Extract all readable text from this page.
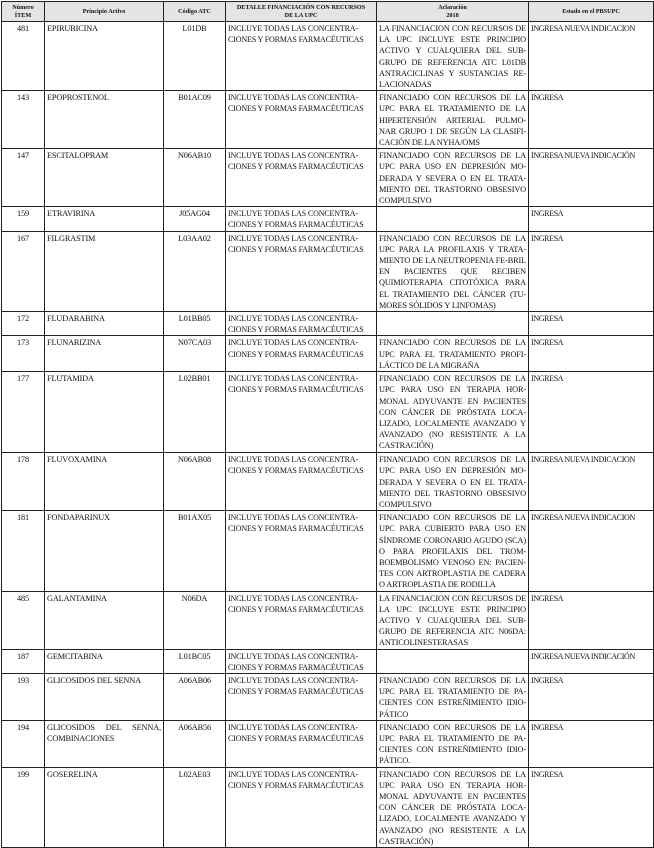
Número
ÍTEM	Principio Activo	Código ATC	DETALLE FINANCIACIÓN CON RECURSOS
DE LA UPC	Aclaración
2018	Estado en el PBSUPC
481	EPIRUBICINA	L01DB	INCLUYE TODAS LAS CONCENTRA-
CIONES Y FORMAS FARMACÉUTICAS	LA FINANCIACION CON RECURSOS DE LA UPC INCLUYE ESTE PRINCIPIO ACTIVO Y CUALQUIERA DEL SUB-GRUPO DE REFERENCIA ATC L01DB ANTRACICLINAS Y SUSTANCIAS RE-LACIONADAS	INGRESA NUEVA INDICACION
143	EPOPROSTENOL	B01AC09	INCLUYE TODAS LAS CONCENTRA-
CIONES Y FORMAS FARMACÉUTICAS	FINANCIADO CON RECURSOS DE LA UPC PARA EL TRATAMIENTO DE LA HIPERTENSIÓN ARTERIAL PULMO-NAR GRUPO 1 DE SEGÚN LA CLASIFI-CACIÓN DE LA NYHA/OMS	INGRESA
147	ESCITALOPRAM	N06AB10	INCLUYE TODAS LAS CONCENTRA-
CIONES Y FORMAS FARMACÉUTICAS	FINANCIADO CON RECURSOS DE LA UPC PARA USO EN DEPRESIÓN MO-DERADA Y SEVERA O EN EL TRATA-MIENTO DEL TRASTORNO OBSESIVO COMPULSIVO	INGRESA NUEVA INDICACIÓN
159	ETRAVIRINA	J05AG04	INCLUYE TODAS LAS CONCENTRA-
CIONES Y FORMAS FARMACÉUTICAS		INGRESA
167	FILGRASTIM	L03AA02	INCLUYE TODAS LAS CONCENTRA-
CIONES Y FORMAS FARMACÉUTICAS	FINANCIADO CON RECURSOS DE LA UPC PARA LA PROFILAXIS Y TRATA-MIENTO DE LA NEUTROPENIA FE-BRIL EN PACIENTES QUE RECIBEN QUIMIOTERAPIA CITOTÓXICA PARA EL TRATAMIENTO DEL CÁNCER (TU-MORES SÓLIDOS Y LINFOMAS)	INGRESA
172	FLUDARABINA	L01BB05	INCLUYE TODAS LAS CONCENTRA-
CIONES Y FORMAS FARMACÉUTICAS		INGRESA
173	FLUNARIZINA	N07CA03	INCLUYE TODAS LAS CONCENTRA-
CIONES Y FORMAS FARMACÉUTICAS	FINANCIADO CON RECURSOS DE LA UPC PARA EL TRATAMIENTO PROFI-LÁCTICO DE LA MIGRAÑA	INGRESA
177	FLUTAMIDA	L02BB01	INCLUYE TODAS LAS CONCENTRA-
CIONES Y FORMAS FARMACÉUTICAS	FINANCIADO CON RECURSOS DE LA UPC PARA USO EN TERAPIA HOR-MONAL ADYUVANTE EN PACIENTES CON CÁNCER DE PRÓSTATA LOCA-LIZADO, LOCALMENTE AVANZADO Y AVANZADO (NO RESISTENTE A LA CASTRACIÓN)	INGRESA
178	FLUVOXAMINA	N06AB08	INCLUYE TODAS LAS CONCENTRA-
CIONES Y FORMAS FARMACÉUTICAS	FINANCIADO CON RECURSOS DE LA UPC PARA USO EN DEPRESIÓN MO-DERADA Y SEVERA O EN EL TRATA-MIENTO DEL TRASTORNO OBSESIVO COMPULSIVO	INGRESA NUEVA INDICACION
181	FONDAPARINUX	B01AX05	INCLUYE TODAS LAS CONCENTRA-
CIONES Y FORMAS FARMACÉUTICAS	FINANCIADO CON RECURSOS DE LA UPC PARA CUBIERTO PARA USO EN SÍNDROME CORONARIO AGUDO (SCA) O PARA PROFILAXIS DEL TROM-BOEMBOLISMO VENOSO EN: PACIEN-TES CON ARTROPLASTIA DE CADERA O ARTROPLASTIA DE RODILLA	INGRESA NUEVA INDICACION
485	GALANTAMINA	N06DA	INCLUYE TODAS LAS CONCENTRA-
CIONES Y FORMAS FARMACÉUTICAS	LA FINANCIACION CON RECURSOS DE LA UPC INCLUYE ESTE PRINCIPIO ACTIVO Y CUALQUIERA DEL SUB-GRUPO DE REFERENCIA ATC N06DA: ANTICOLINESTERASAS	INGRESA
187	GEMCITABINA	L01BC05	INCLUYE TODAS LAS CONCENTRA-
CIONES Y FORMAS FARMACÉUTICAS		INGRESA NUEVA INDICACIÓN
193	GLICOSIDOS DEL SENNA	A06AB06	INCLUYE TODAS LAS CONCENTRA-
CIONES Y FORMAS FARMACÉUTICAS	FINANCIADO CON RECURSOS DE LA UPC PARA EL TRATAMIENTO DE PA-CIENTES CON ESTREÑIMIENTO IDIO-PÁTICO	INGRESA
194	GLICOSIDOS DEL SENNA, COMBINACIONES	A06AB56	INCLUYE TODAS LAS CONCENTRA-
CIONES Y FORMAS FARMACÉUTICAS	FINANCIADO CON RECURSOS DE LA UPC PARA EL TRATAMIENTO DE PA-CIENTES CON ESTREÑIMIENTO IDIO-PÁTICO.	INGRESA
199	GOSERELINA	L02AE03	INCLUYE TODAS LAS CONCENTRA-
CIONES Y FORMAS FARMACÉUTICAS	FINANCIADO CON RECURSOS DE LA UPC PARA USO EN TERAPIA HOR-MONAL ADYUVANTE EN PACIENTES CON CÁNCER DE PRÓSTATA LOCA-LIZADO, LOCALMENTE AVANZADO Y AVANZADO (NO RESISTENTE A LA CASTRACIÓN)	INGRESA
